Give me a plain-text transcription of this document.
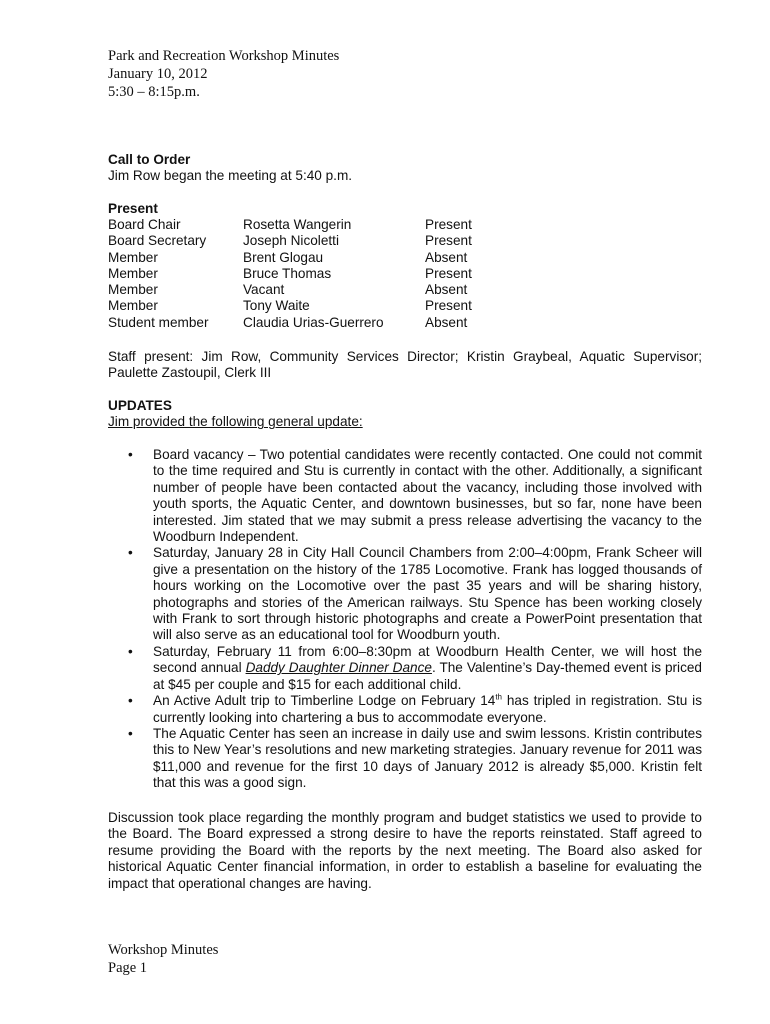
Park and Recreation Workshop Minutes
January 10, 2012
5:30 – 8:15p.m.
Call to Order
Jim Row began the meeting at 5:40 p.m.
Present
Board Chair	Rosetta Wangerin	Present
Board Secretary	Joseph Nicoletti	Present
Member	Brent Glogau	Absent
Member	Bruce Thomas	Present
Member	Vacant	Absent
Member	Tony Waite	Present
Student member	Claudia Urias-Guerrero	Absent
Staff present: Jim Row, Community Services Director; Kristin Graybeal, Aquatic Supervisor; Paulette Zastoupil, Clerk III
UPDATES
Jim provided the following general update:
• Board vacancy – Two potential candidates were recently contacted. One could not commit to the time required and Stu is currently in contact with the other. Additionally, a significant number of people have been contacted about the vacancy, including those involved with youth sports, the Aquatic Center, and downtown businesses, but so far, none have been interested. Jim stated that we may submit a press release advertising the vacancy to the Woodburn Independent.
• Saturday, January 28 in City Hall Council Chambers from 2:00–4:00pm, Frank Scheer will give a presentation on the history of the 1785 Locomotive. Frank has logged thousands of hours working on the Locomotive over the past 35 years and will be sharing history, photographs and stories of the American railways. Stu Spence has been working closely with Frank to sort through historic photographs and create a PowerPoint presentation that will also serve as an educational tool for Woodburn youth.
• Saturday, February 11 from 6:00–8:30pm at Woodburn Health Center, we will host the second annual Daddy Daughter Dinner Dance. The Valentine’s Day-themed event is priced at $45 per couple and $15 for each additional child.
• An Active Adult trip to Timberline Lodge on February 14th has tripled in registration. Stu is currently looking into chartering a bus to accommodate everyone.
• The Aquatic Center has seen an increase in daily use and swim lessons. Kristin contributes this to New Year’s resolutions and new marketing strategies. January revenue for 2011 was $11,000 and revenue for the first 10 days of January 2012 is already $5,000. Kristin felt that this was a good sign.
Discussion took place regarding the monthly program and budget statistics we used to provide to the Board. The Board expressed a strong desire to have the reports reinstated. Staff agreed to resume providing the Board with the reports by the next meeting. The Board also asked for historical Aquatic Center financial information, in order to establish a baseline for evaluating the impact that operational changes are having.
Workshop Minutes
Page 1
